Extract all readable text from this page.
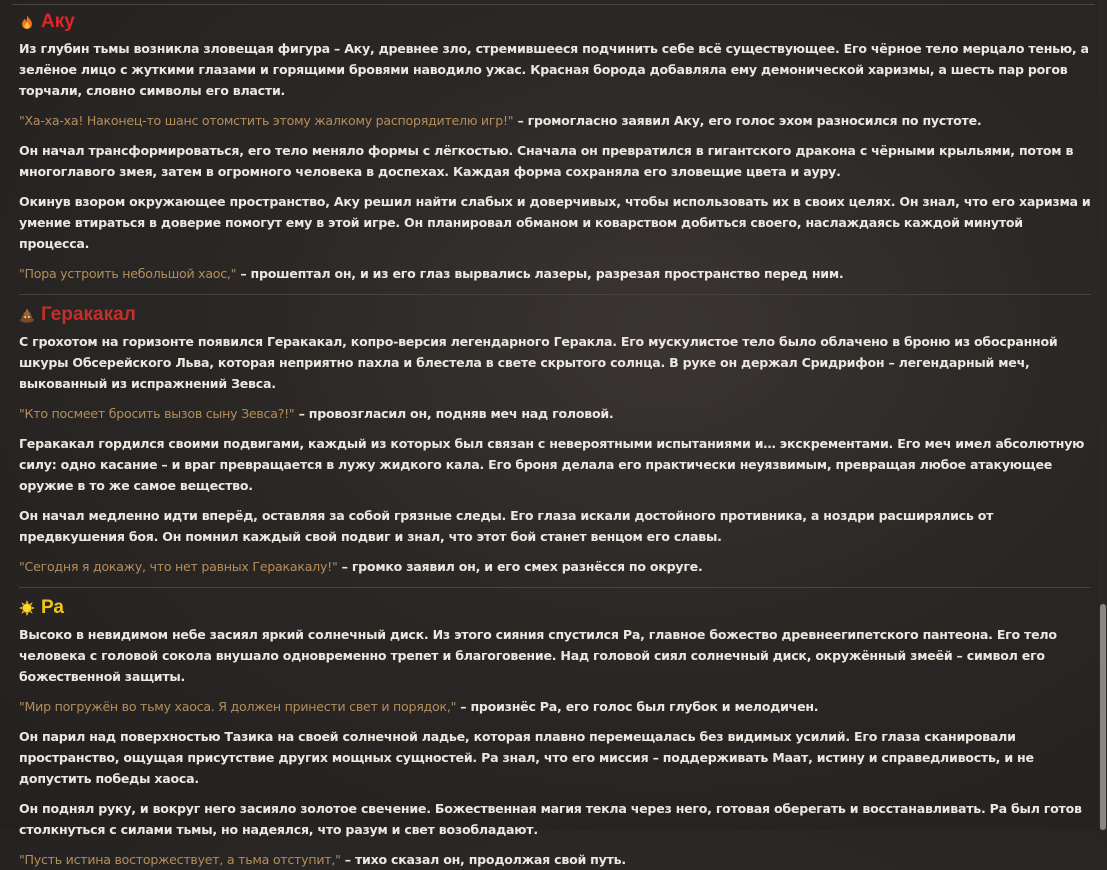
Аку

Из глубин тьмы возникла зловещая фигура – Аку, древнее зло, стремившееся подчинить себе всё существующее. Его чёрное тело мерцало тенью, а зелёное лицо с жуткими глазами и горящими бровями наводило ужас. Красная борода добавляла ему демонической харизмы, а шесть пар рогов торчали, словно символы его власти.

"Ха-ха-ха! Наконец-то шанс отомстить этому жалкому распорядителю игр!" – громогласно заявил Аку, его голос эхом разносился по пустоте.

Он начал трансформироваться, его тело меняло формы с лёгкостью. Сначала он превратился в гигантского дракона с чёрными крыльями, потом в многоглавого змея, затем в огромного человека в доспехах. Каждая форма сохраняла его зловещие цвета и ауру.

Окинув взором окружающее пространство, Аку решил найти слабых и доверчивых, чтобы использовать их в своих целях. Он знал, что его харизма и умение втираться в доверие помогут ему в этой игре. Он планировал обманом и коварством добиться своего, наслаждаясь каждой минутой процесса.

"Пора устроить небольшой хаос," – прошептал он, и из его глаз вырвались лазеры, разрезая пространство перед ним.

Геракакал

С грохотом на горизонте появился Геракакал, копро-версия легендарного Геракла. Его мускулистое тело было облачено в броню из обосранной шкуры Обсерейского Льва, которая неприятно пахла и блестела в свете скрытого солнца. В руке он держал Сридрифон – легендарный меч, выкованный из испражнений Зевса.

"Кто посмеет бросить вызов сыну Зевса?!" – провозгласил он, подняв меч над головой.

Геракакал гордился своими подвигами, каждый из которых был связан с невероятными испытаниями и… экскрементами. Его меч имел абсолютную силу: одно касание – и враг превращается в лужу жидкого кала. Его броня делала его практически неуязвимым, превращая любое атакующее оружие в то же самое вещество.

Он начал медленно идти вперёд, оставляя за собой грязные следы. Его глаза искали достойного противника, а ноздри расширялись от предвкушения боя. Он помнил каждый свой подвиг и знал, что этот бой станет венцом его славы.

"Сегодня я докажу, что нет равных Геракакалу!" – громко заявил он, и его смех разнёсся по округе.

Ра

Высоко в невидимом небе засиял яркий солнечный диск. Из этого сияния спустился Ра, главное божество древнеегипетского пантеона. Его тело человека с головой сокола внушало одновременно трепет и благоговение. Над головой сиял солнечный диск, окружённый змеёй – символ его божественной защиты.

"Мир погружён во тьму хаоса. Я должен принести свет и порядок," – произнёс Ра, его голос был глубок и мелодичен.

Он парил над поверхностью Тазика на своей солнечной ладье, которая плавно перемещалась без видимых усилий. Его глаза сканировали пространство, ощущая присутствие других мощных сущностей. Ра знал, что его миссия – поддерживать Маат, истину и справедливость, и не допустить победы хаоса.

Он поднял руку, и вокруг него засияло золотое свечение. Божественная магия текла через него, готовая оберегать и восстанавливать. Ра был готов столкнуться с силами тьмы, но надеялся, что разум и свет возобладают.

"Пусть истина восторжествует, а тьма отступит," – тихо сказал он, продолжая свой путь.
